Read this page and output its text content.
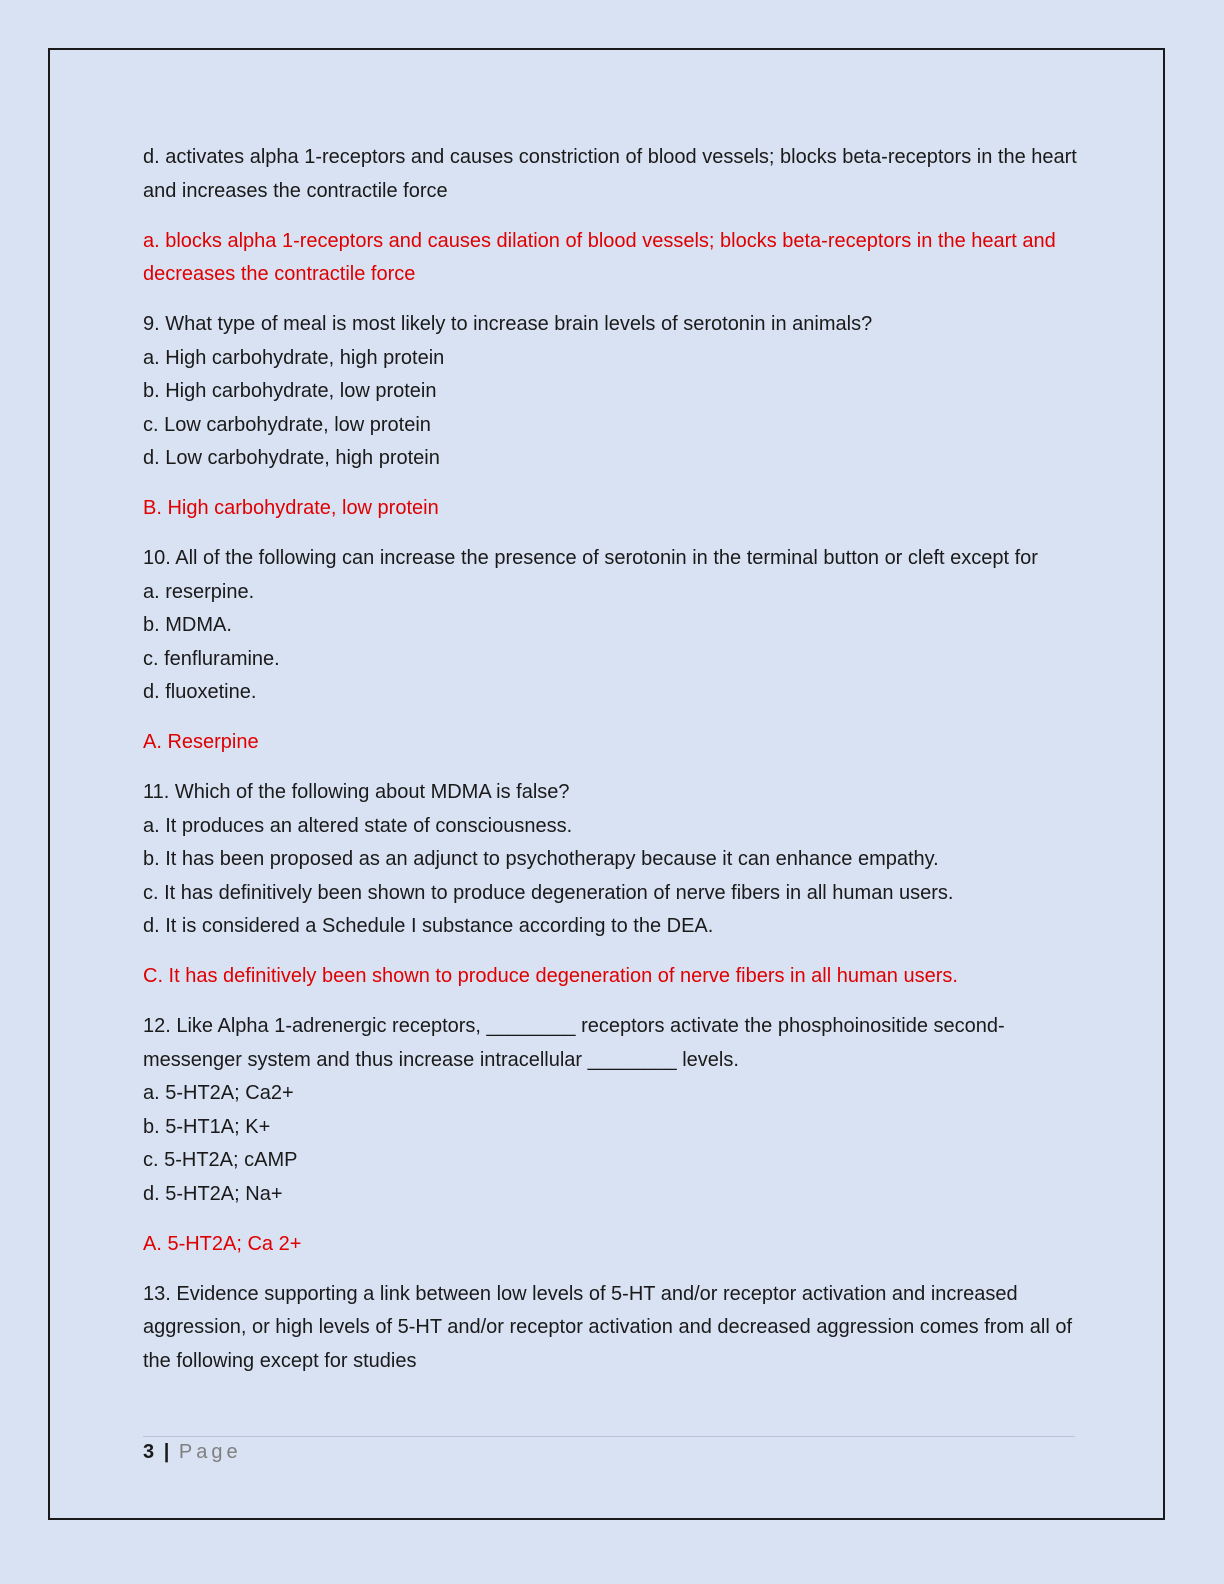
d. activates alpha 1-receptors and causes constriction of blood vessels; blocks beta-receptors in the heart and increases the contractile force

a. blocks alpha 1-receptors and causes dilation of blood vessels; blocks beta-receptors in the heart and decreases the contractile force

9. What type of meal is most likely to increase brain levels of serotonin in animals?

a. High carbohydrate, high protein

b. High carbohydrate, low protein

c. Low carbohydrate, low protein

d. Low carbohydrate, high protein

B. High carbohydrate, low protein

10. All of the following can increase the presence of serotonin in the terminal button or cleft except for

a. reserpine.

b. MDMA.

c. fenfluramine.

d. fluoxetine.

A. Reserpine

11. Which of the following about MDMA is false?

a. It produces an altered state of consciousness.

b. It has been proposed as an adjunct to psychotherapy because it can enhance empathy.

c. It has definitively been shown to produce degeneration of nerve fibers in all human users.

d. It is considered a Schedule I substance according to the DEA.

C. It has definitively been shown to produce degeneration of nerve fibers in all human users.

12. Like Alpha 1-adrenergic receptors, ________ receptors activate the phosphoinositide second-messenger system and thus increase intracellular ________ levels.

a. 5-HT2A; Ca2+

b. 5-HT1A; K+

c. 5-HT2A; cAMP

d. 5-HT2A; Na+

A. 5-HT2A; Ca 2+

13. Evidence supporting a link between low levels of 5-HT and/or receptor activation and increased aggression, or high levels of 5-HT and/or receptor activation and decreased aggression comes from all of the following except for studies

3 | Page
